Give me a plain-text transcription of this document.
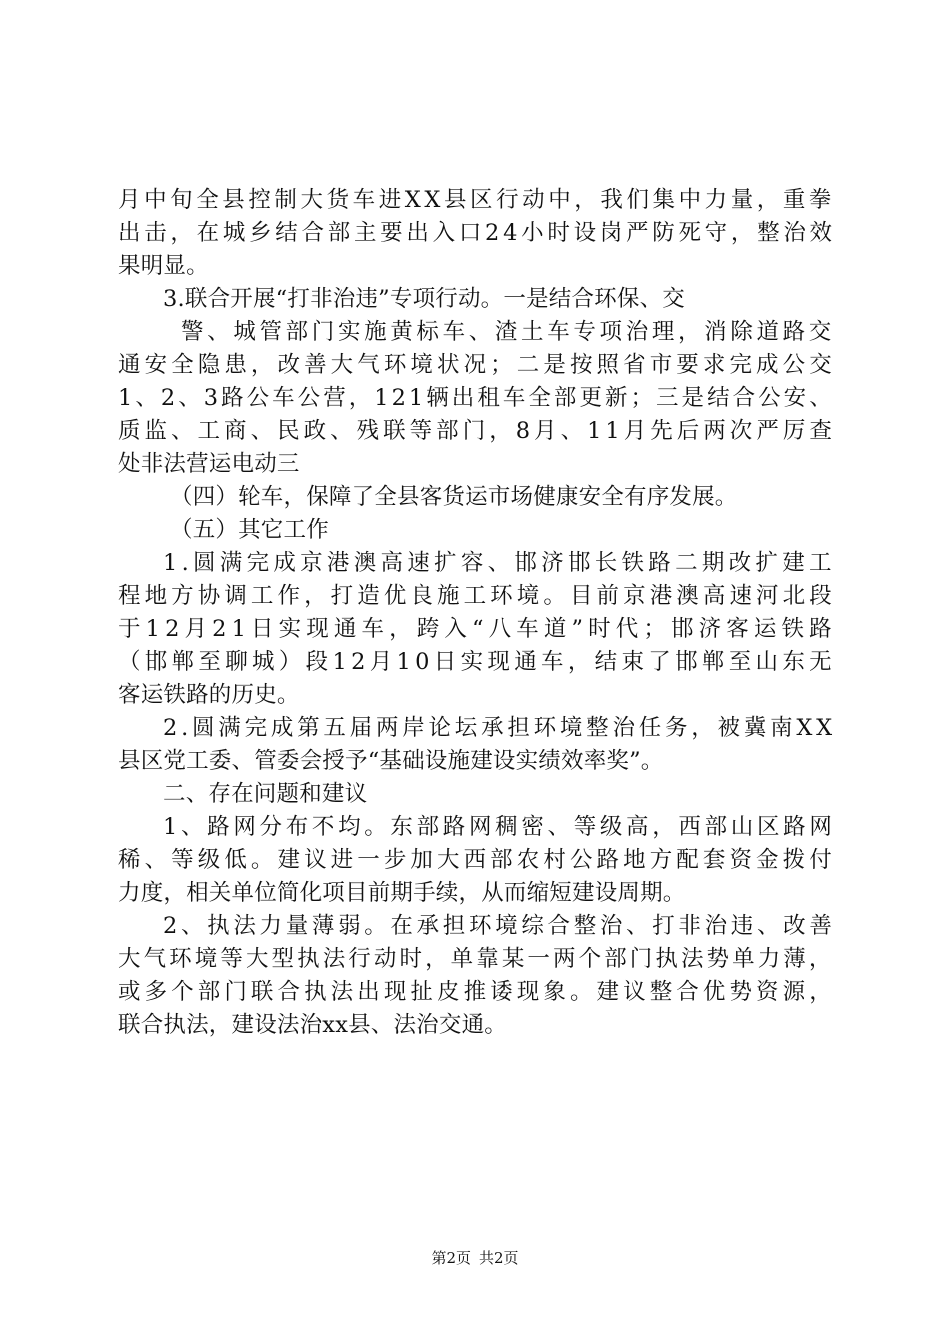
月中旬全县控制大货车进XX县区行动中，我们集中力量，重拳
出击，在城乡结合部主要出入口24小时设岗严防死守，整治效
果明显。
3.联合开展“打非治违”专项行动。一是结合环保、交
警、城管部门实施黄标车、渣土车专项治理，消除道路交
通安全隐患，改善大气环境状况；二是按照省市要求完成公交
1、2、3路公车公营，121辆出租车全部更新；三是结合公安、
质监、工商、民政、残联等部门，8月、11月先后两次严厉查
处非法营运电动三
（四）轮车，保障了全县客货运市场健康安全有序发展。
（五）其它工作
1.圆满完成京港澳高速扩容、邯济邯长铁路二期改扩建工
程地方协调工作，打造优良施工环境。目前京港澳高速河北段
于12月21日实现通车，跨入“八车道”时代；邯济客运铁路
（邯郸至聊城）段12月10日实现通车，结束了邯郸至山东无
客运铁路的历史。
2.圆满完成第五届两岸论坛承担环境整治任务，被冀南XX
县区党工委、管委会授予“基础设施建设实绩效率奖”。
二、存在问题和建议
1、路网分布不均。东部路网稠密、等级高，西部山区路网
稀、等级低。建议进一步加大西部农村公路地方配套资金拨付
力度，相关单位简化项目前期手续，从而缩短建设周期。
2、执法力量薄弱。在承担环境综合整治、打非治违、改善
大气环境等大型执法行动时，单靠某一两个部门执法势单力薄，
或多个部门联合执法出现扯皮推诿现象。建议整合优势资源，
联合执法，建设法治xx县、法治交通。
第2页 共2页
